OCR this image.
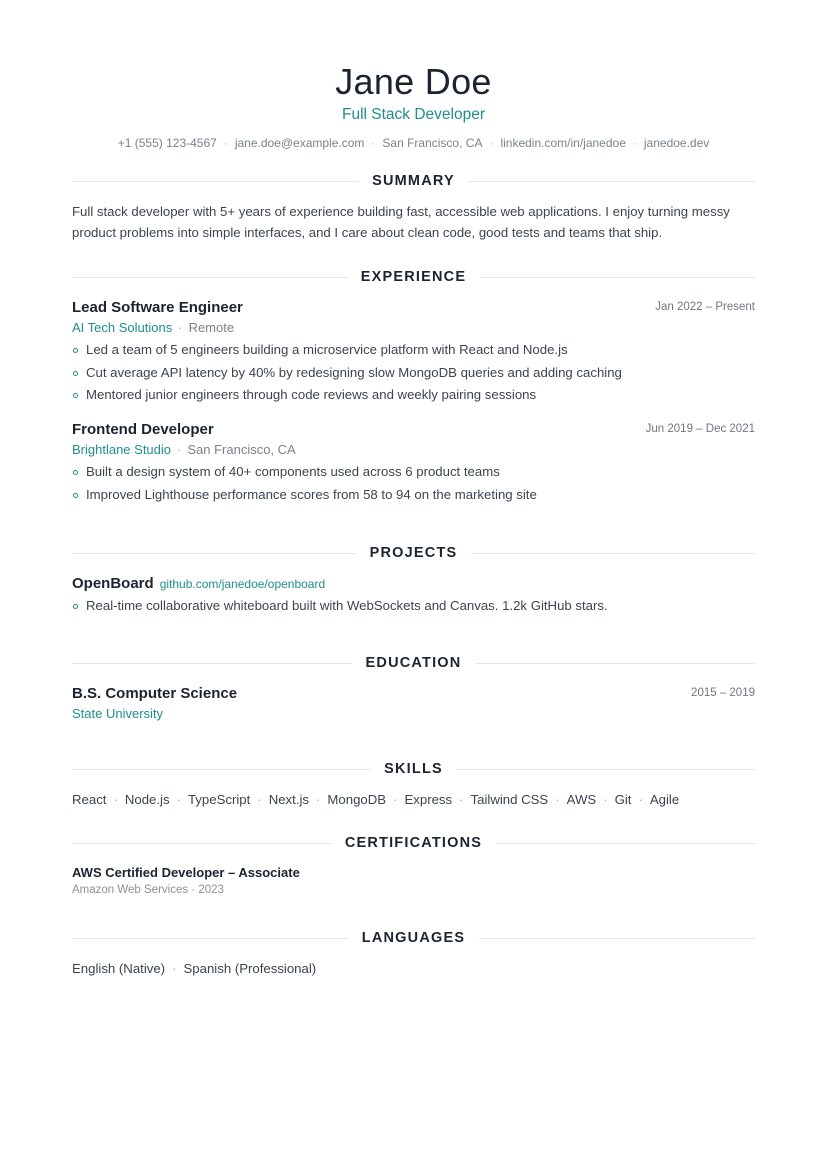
Jane Doe
Full Stack Developer
+1 (555) 123-4567 · jane.doe@example.com · San Francisco, CA · linkedin.com/in/janedoe · janedoe.dev
SUMMARY
Full stack developer with 5+ years of experience building fast, accessible web applications. I enjoy turning messy product problems into simple interfaces, and I care about clean code, good tests and teams that ship.
EXPERIENCE
Lead Software Engineer	Jan 2022 – Present
AI Tech Solutions · Remote
Led a team of 5 engineers building a microservice platform with React and Node.js
Cut average API latency by 40% by redesigning slow MongoDB queries and adding caching
Mentored junior engineers through code reviews and weekly pairing sessions
Frontend Developer	Jun 2019 – Dec 2021
Brightlane Studio · San Francisco, CA
Built a design system of 40+ components used across 6 product teams
Improved Lighthouse performance scores from 58 to 94 on the marketing site
PROJECTS
OpenBoard github.com/janedoe/openboard
Real-time collaborative whiteboard built with WebSockets and Canvas. 1.2k GitHub stars.
EDUCATION
B.S. Computer Science	2015 – 2019
State University
SKILLS
React · Node.js · TypeScript · Next.js · MongoDB · Express · Tailwind CSS · AWS · Git · Agile
CERTIFICATIONS
AWS Certified Developer – Associate
Amazon Web Services · 2023
LANGUAGES
English (Native) · Spanish (Professional)
